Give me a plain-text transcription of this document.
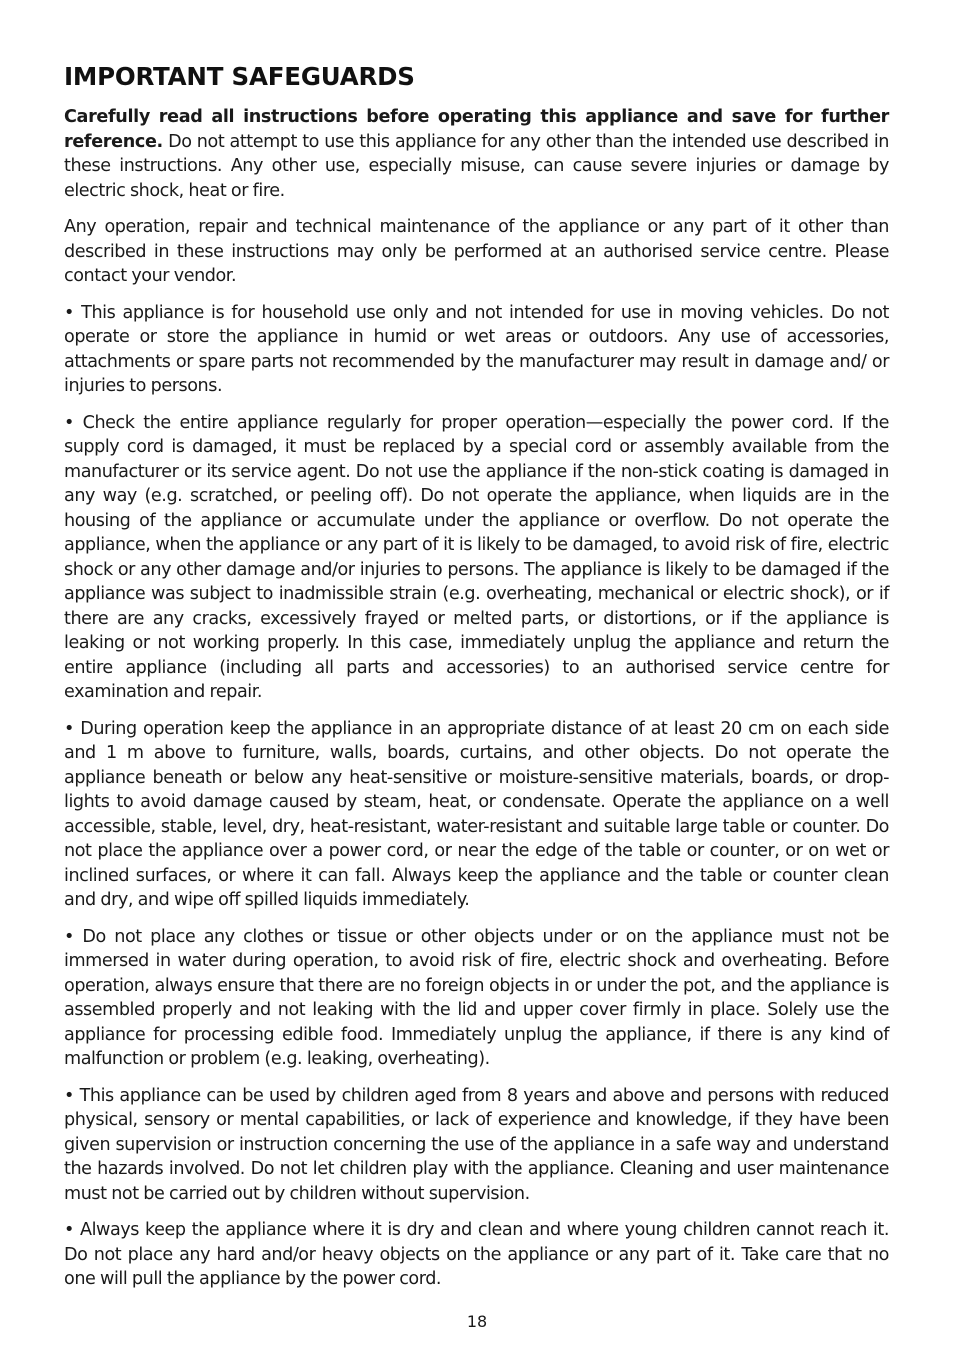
IMPORTANT SAFEGUARDS

Carefully read all instructions before operating this appliance and save for further reference. Do not attempt to use this appliance for any other than the intended use described in these instructions. Any other use, especially misuse, can cause severe injuries or damage by electric shock, heat or fire.

Any operation, repair and technical maintenance of the appliance or any part of it other than described in these instructions may only be performed at an authorised service centre. Please contact your vendor.

• This appliance is for household use only and not intended for use in moving vehicles. Do not operate or store the appliance in humid or wet areas or outdoors. Any use of accessories, attachments or spare parts not recommended by the manufacturer may result in damage and/ or injuries to persons.

• Check the entire appliance regularly for proper operation—especially the power cord. If the supply cord is damaged, it must be replaced by a special cord or assembly available from the manufacturer or its service agent. Do not use the appliance if the non-stick coating is damaged in any way (e.g. scratched, or peeling off). Do not operate the appliance, when liquids are in the housing of the appliance or accumulate under the appliance or overflow. Do not operate the appliance, when the appliance or any part of it is likely to be damaged, to avoid risk of fire, electric shock or any other damage and/or injuries to persons. The appliance is likely to be damaged if the appliance was subject to inadmissible strain (e.g. overheating, mechanical or electric shock), or if there are any cracks, excessively frayed or melted parts, or distortions, or if the appliance is leaking or not working properly. In this case, immediately unplug the appliance and return the entire appliance (including all parts and accessories) to an authorised service centre for examination and repair.

• During operation keep the appliance in an appropriate distance of at least 20 cm on each side and 1 m above to furniture, walls, boards, curtains, and other objects. Do not operate the appliance beneath or below any heat-sensitive or moisture-sensitive materials, boards, or drop-lights to avoid damage caused by steam, heat, or condensate. Operate the appliance on a well accessible, stable, level, dry, heat-resistant, water-resistant and suitable large table or counter. Do not place the appliance over a power cord, or near the edge of the table or counter, or on wet or inclined surfaces, or where it can fall. Always keep the appliance and the table or counter clean and dry, and wipe off spilled liquids immediately.

• Do not place any clothes or tissue or other objects under or on the appliance must not be immersed in water during operation, to avoid risk of fire, electric shock and overheating. Before operation, always ensure that there are no foreign objects in or under the pot, and the appliance is assembled properly and not leaking with the lid and upper cover firmly in place. Solely use the appliance for processing edible food. Immediately unplug the appliance, if there is any kind of malfunction or problem (e.g. leaking, overheating).

• This appliance can be used by children aged from 8 years and above and persons with reduced physical, sensory or mental capabilities, or lack of experience and knowledge, if they have been given supervision or instruction concerning the use of the appliance in a safe way and understand the hazards involved. Do not let children play with the appliance. Cleaning and user maintenance must not be carried out by children without supervision.

• Always keep the appliance where it is dry and clean and where young children cannot reach it. Do not place any hard and/or heavy objects on the appliance or any part of it. Take care that no one will pull the appliance by the power cord.

18
